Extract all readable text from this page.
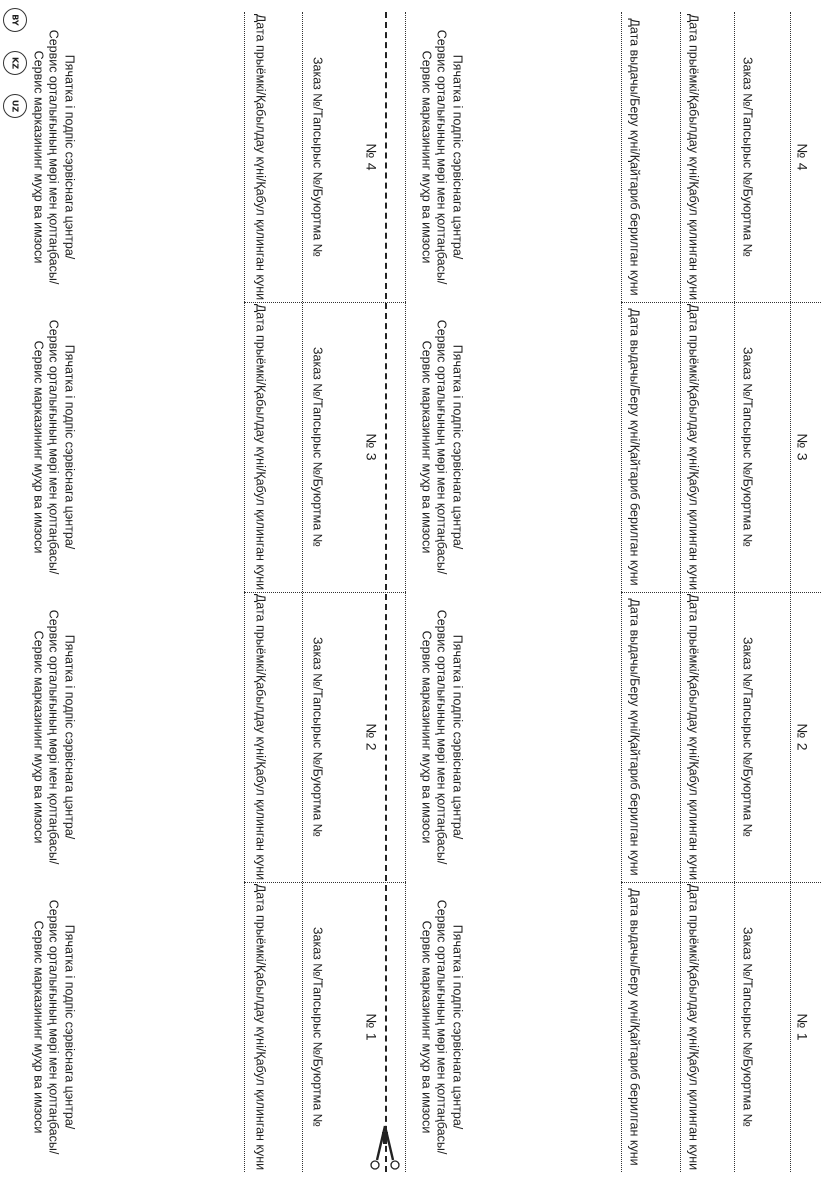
BY
KZ
UZ
№ 1
Заказ №/Тапсырыс №/Буюртма №
Дата прыёмкі/Қабылдау күні/Қабул қилинган куни
Дата выдачы/Беру күні/Қайтариб берилган куни
Пячатка і подпіс сэрвіснага цэнтра/
Сервис орталығының мөрі мен қолтаңбасы/
Сервис марказининг муҳр ва имзоси
№ 1
Заказ №/Тапсырыс №/Буюртма №
Дата прыёмкі/Қабылдау күні/Қабул қилинган куни
Пячатка і подпіс сэрвіснага цэнтра/
Сервис орталығының мөрі мен қолтаңбасы/
Сервис марказининг муҳр ва имзоси
№ 2
Заказ №/Тапсырыс №/Буюртма №
Дата прыёмкі/Қабылдау күні/Қабул қилинган куни
Дата выдачы/Беру күні/Қайтариб берилган куни
Пячатка і подпіс сэрвіснага цэнтра/
Сервис орталығының мөрі мен қолтаңбасы/
Сервис марказининг муҳр ва имзоси
№ 2
Заказ №/Тапсырыс №/Буюртма №
Дата прыёмкі/Қабылдау күні/Қабул қилинган куни
Пячатка і подпіс сэрвіснага цэнтра/
Сервис орталығының мөрі мен қолтаңбасы/
Сервис марказининг муҳр ва имзоси
№ 3
Заказ №/Тапсырыс №/Буюртма №
Дата прыёмкі/Қабылдау күні/Қабул қилинган куни
Дата выдачы/Беру күні/Қайтариб берилган куни
Пячатка і подпіс сэрвіснага цэнтра/
Сервис орталығының мөрі мен қолтаңбасы/
Сервис марказининг муҳр ва имзоси
№ 3
Заказ №/Тапсырыс №/Буюртма №
Дата прыёмкі/Қабылдау күні/Қабул қилинган куни
Пячатка і подпіс сэрвіснага цэнтра/
Сервис орталығының мөрі мен қолтаңбасы/
Сервис марказининг муҳр ва имзоси
№ 4
Заказ №/Тапсырыс №/Буюртма №
Дата прыёмкі/Қабылдау күні/Қабул қилинган куни
Дата выдачы/Беру күні/Қайтариб берилган куни
Пячатка і подпіс сэрвіснага цэнтра/
Сервис орталығының мөрі мен қолтаңбасы/
Сервис марказининг муҳр ва имзоси
№ 4
Заказ №/Тапсырыс №/Буюртма №
Дата прыёмкі/Қабылдау күні/Қабул қилинган куни
Пячатка і подпіс сэрвіснага цэнтра/
Сервис орталығының мөрі мен қолтаңбасы/
Сервис марказининг муҳр ва имзоси
